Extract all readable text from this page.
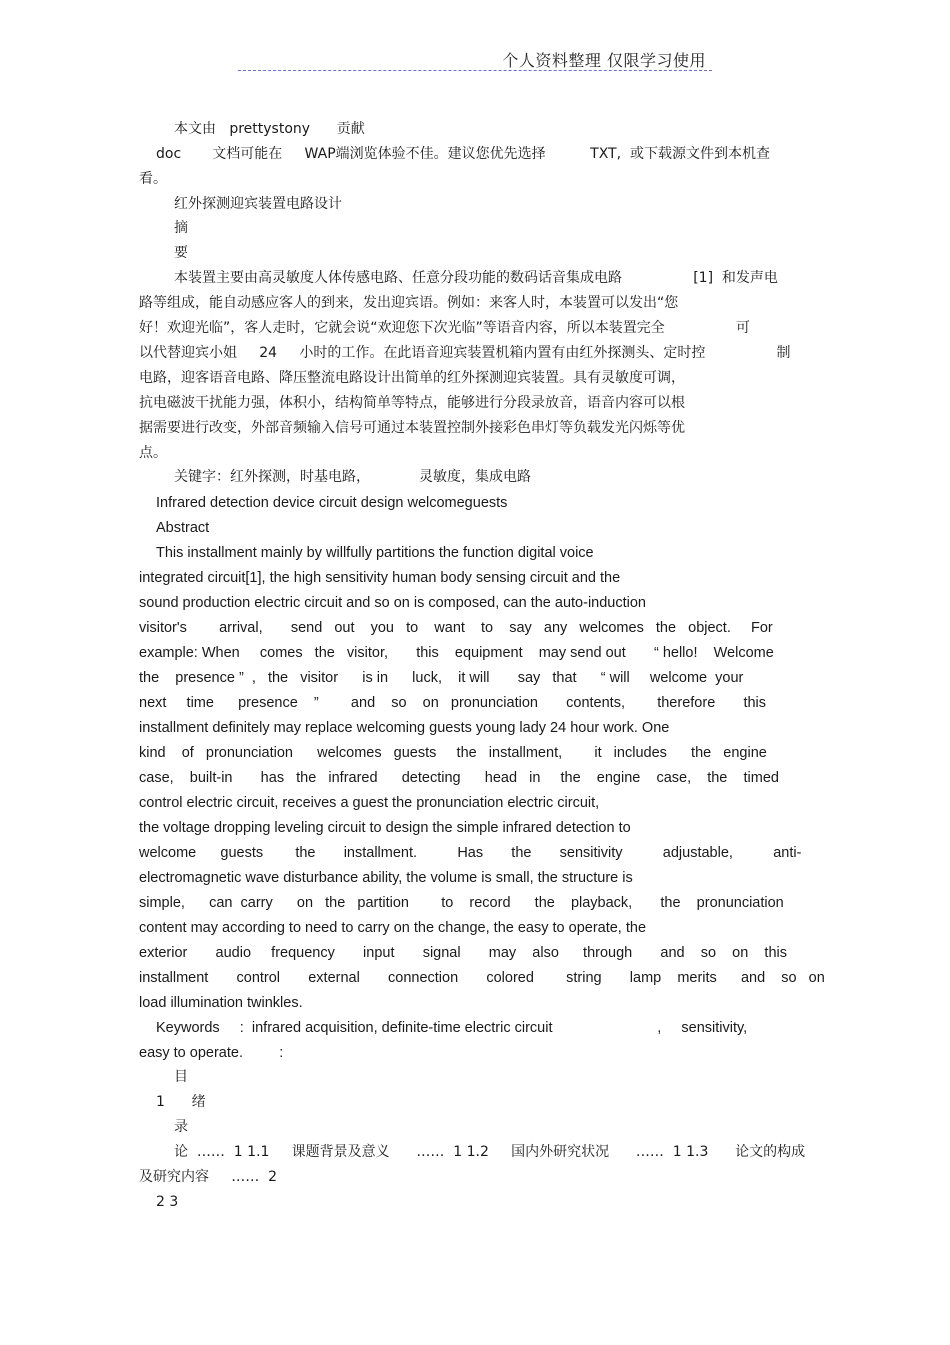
个人资料整理 仅限学习使用
本文由   prettystony      贡献
doc       文档可能在     WAP端浏览体验不佳。建议您优先选择          TXT,  或下载源文件到本机查
看。
红外探测迎宾装置电路设计
摘
要
本装置主要由高灵敏度人体传感电路、任意分段功能的数码话音集成电路                [1]  和发声电
路等组成，能自动感应客人的到来，发出迎宾语。例如：来客人时，本装置可以发出“您
好！欢迎光临”，客人走时，它就会说“欢迎您下次光临”等语音内容，所以本装置完全                可
以代替迎宾小姐     24     小时的工作。在此语音迎宾装置机箱内置有由红外探测头、定时控                制
电路，迎客语音电路、降压整流电路设计出简单的红外探测迎宾装置。具有灵敏度可调，
抗电磁波干扰能力强，体积小，结构简单等特点，能够进行分段录放音，语音内容可以根
据需要进行改变，外部音频输入信号可通过本装置控制外接彩色串灯等负载发光闪烁等优
点。
关键字：红外探测，时基电路，           灵敏度，集成电路
Infrared detection device circuit design welcomeguests
Abstract
This installment mainly by willfully partitions the function digital voice
integrated circuit[1], the high sensitivity human body sensing circuit and the
sound production electric circuit and so on is composed, can the auto-induction
visitor's        arrival,       send   out    you   to    want    to    say   any   welcomes   the   object.     For
example: When     comes   the   visitor,       this    equipment    may send out       “ hello!    Welcome
the    presence ”  ,   the   visitor      is in      luck,    it will       say   that      “ will     welcome  your
next     time      presence    ”        and    so    on   pronunciation       contents,        therefore       this
installment definitely may replace welcoming guests young lady 24 hour work. One
kind    of   pronunciation      welcomes   guests     the   installment,        it   includes      the   engine
case,    built-in       has   the   infrared      detecting      head   in     the    engine    case,    the    timed
control electric circuit, receives a guest the pronunciation electric circuit,
the voltage dropping leveling circuit to design the simple infrared detection to
welcome      guests        the       installment.          Has       the       sensitivity          adjustable,          anti-
electromagnetic wave disturbance ability, the volume is small, the structure is
simple,      can  carry      on   the   partition        to    record      the    playback,       the    pronunciation
content may according to need to carry on the change, the easy to operate, the
exterior       audio     frequency       input       signal       may    also      through       and    so    on    this
installment       control       external       connection       colored        string       lamp    merits      and    so   on
load illumination twinkles.
Keywords     :  infrared acquisition, definite-time electric circuit                          ,     sensitivity,
easy to operate.         :
目
1      绪
录
论  ……  1 1.1     课题背景及意义      ……  1 1.2     国内外研究状况      ……  1 1.3      论文的构成
及研究内容     ……  2
2 3
